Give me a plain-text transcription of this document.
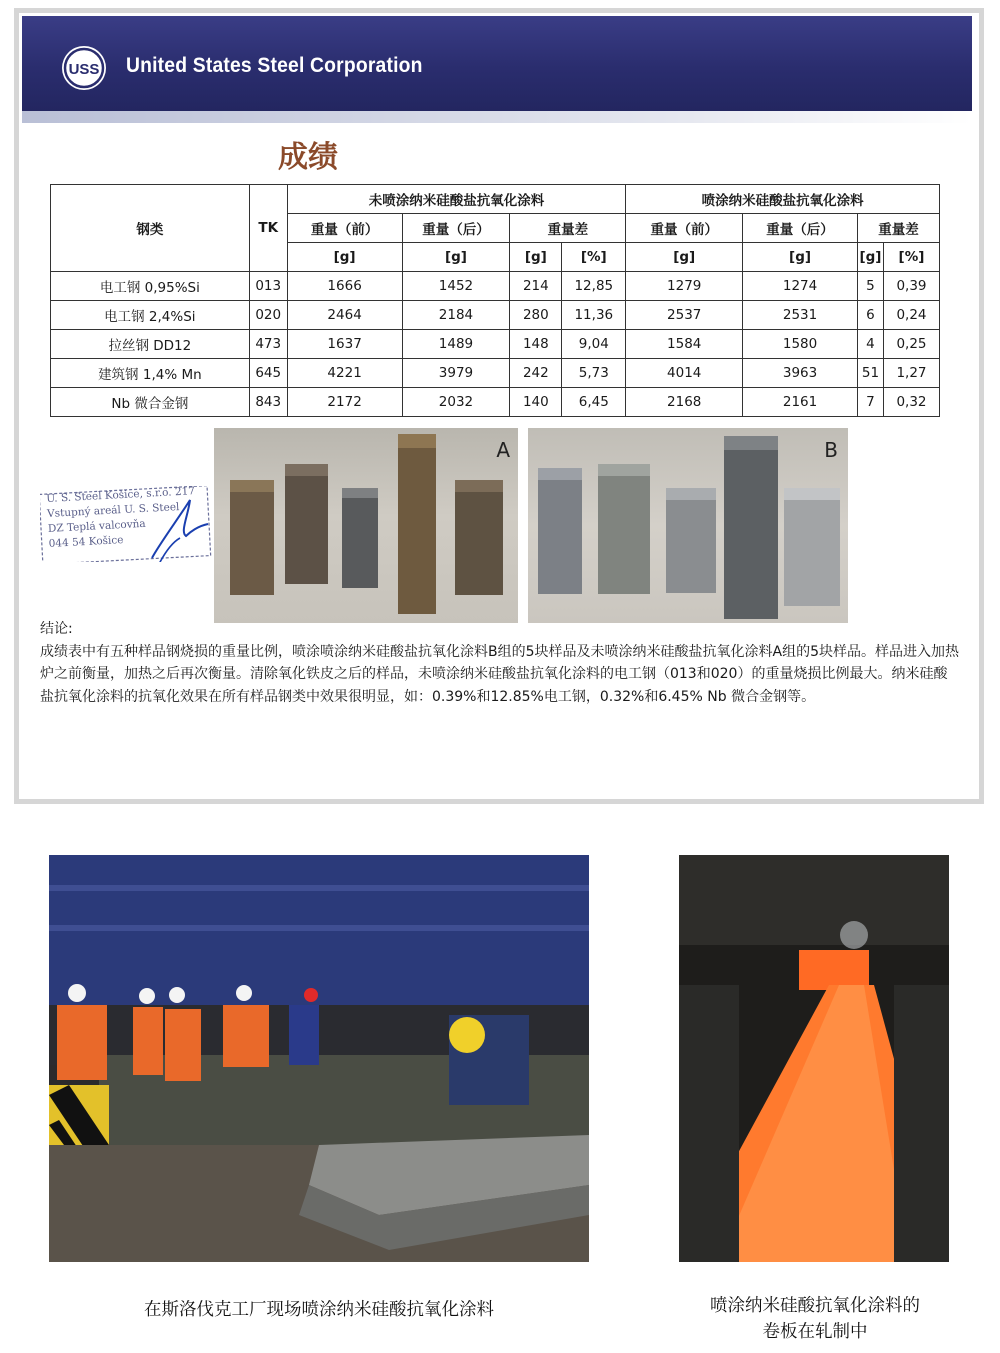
USS United States Steel Corporation
成绩
钢类	TK	未喷涂纳米硅酸盐抗氧化涂料				喷涂纳米硅酸盐抗氧化涂料			
		重量（前）	重量（后）	重量差		重量（前）	重量（后）	重量差	
		[g]	[g]	[g]	[%]	[g]	[g]	[g]	[%]
电工钢 0,95%Si	013	1666	1452	214	12,85	1279	1274	5	0,39
电工钢 2,4%Si	020	2464	2184	280	11,36	2537	2531	6	0,24
拉丝钢 DD12	473	1637	1489	148	9,04	1584	1580	4	0,25
建筑钢 1,4% Mn	645	4221	3979	242	5,73	4014	3963	51	1,27
Nb 微合金钢	843	2172	2032	140	6,45	2168	2161	7	0,32
A	B
U. S. Steel Košice, s.r.o. 217
Vstupný areál U. S. Steel
DZ Teplá valcovňa
044 54 Košice
结论:
成绩表中有五种样品钢烧损的重量比例，喷涂喷涂纳米硅酸盐抗氧化涂料B组的5块样品及未喷涂纳米硅酸盐抗氧化涂料A组的5块样品。样品进入加热炉之前衡量，加热之后再次衡量。清除氧化铁皮之后的样品，未喷涂纳米硅酸盐抗氧化涂料的电工钢（013和020）的重量烧损比例最大。纳米硅酸盐抗氧化涂料的抗氧化效果在所有样品钢类中效果很明显，如：0.39%和12.85%电工钢，0.32%和6.45% Nb 微合金钢等。
在斯洛伐克工厂现场喷涂纳米硅酸抗氧化涂料	喷涂纳米硅酸抗氧化涂料的
卷板在轧制中
